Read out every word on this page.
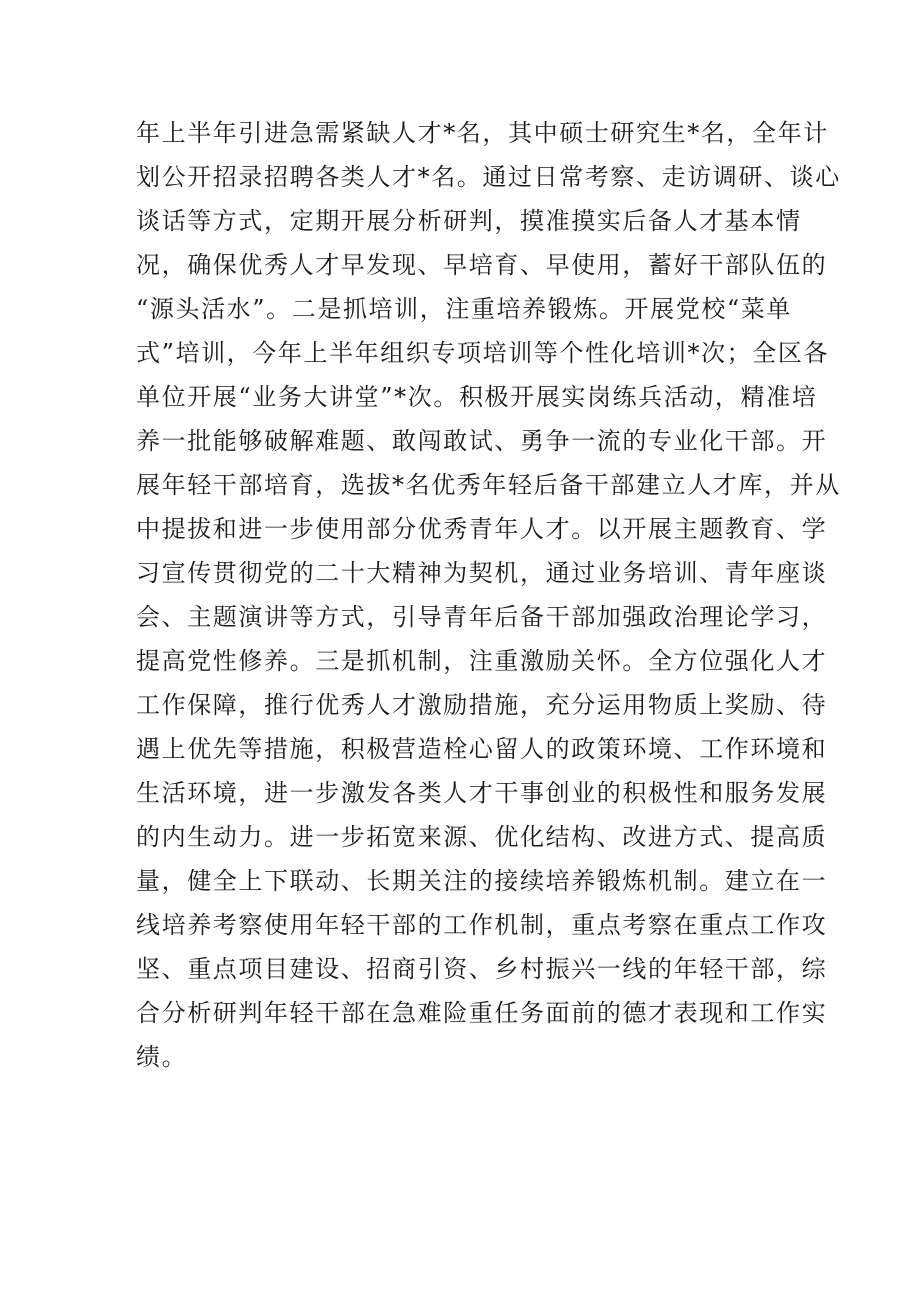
年上半年引进急需紧缺人才*名，其中硕士研究生*名，全年计
划公开招录招聘各类人才*名。通过日常考察、走访调研、谈心
谈话等方式，定期开展分析研判，摸准摸实后备人才基本情
况，确保优秀人才早发现、早培育、早使用，蓄好干部队伍的
“源头活水”。二是抓培训，注重培养锻炼。开展党校“菜单
式”培训，今年上半年组织专项培训等个性化培训*次；全区各
单位开展“业务大讲堂”*次。积极开展实岗练兵活动，精准培
养一批能够破解难题、敢闯敢试、勇争一流的专业化干部。开
展年轻干部培育，选拔*名优秀年轻后备干部建立人才库，并从
中提拔和进一步使用部分优秀青年人才。以开展主题教育、学
习宣传贯彻党的二十大精神为契机，通过业务培训、青年座谈
会、主题演讲等方式，引导青年后备干部加强政治理论学习，
提高党性修养。三是抓机制，注重激励关怀。全方位强化人才
工作保障，推行优秀人才激励措施，充分运用物质上奖励、待
遇上优先等措施，积极营造栓心留人的政策环境、工作环境和
生活环境，进一步激发各类人才干事创业的积极性和服务发展
的内生动力。进一步拓宽来源、优化结构、改进方式、提高质
量，健全上下联动、长期关注的接续培养锻炼机制。建立在一
线培养考察使用年轻干部的工作机制，重点考察在重点工作攻
坚、重点项目建设、招商引资、乡村振兴一线的年轻干部，综
合分析研判年轻干部在急难险重任务面前的德才表现和工作实
绩。
